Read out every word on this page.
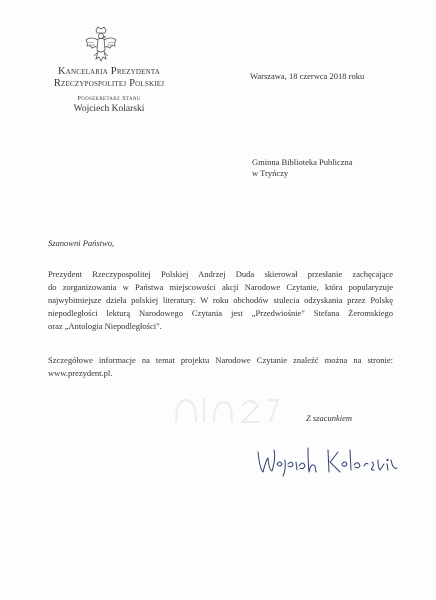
Kancelaria Prezydenta
Rzeczypospolitej Polskiej
Podsekretarz Stanu
Wojciech Kolarski
Warszawa, 18 czerwca 2018 roku
Gminna Biblioteka Publiczna
w Tryńczy
Szanowni Państwo,
Prezydent Rzeczypospolitej Polskiej Andrzej Duda skierował przesłanie zachęcające
do zorganizowania w Państwa miejscowości akcji Narodowe Czytanie, która popularyzuje
najwybitniejsze dzieła polskiej literatury. W roku obchodów stulecia odzyskania przez Polskę
niepodległości lekturą Narodowego Czytania jest „Przedwiośnie" Stefana Żeromskiego
oraz „Antologia Niepodległości".
Szczegółowe informacje na temat projektu Narodowe Czytanie znaleźć można na stronie:
www.prezydent.pl.
Z szacunkiem
